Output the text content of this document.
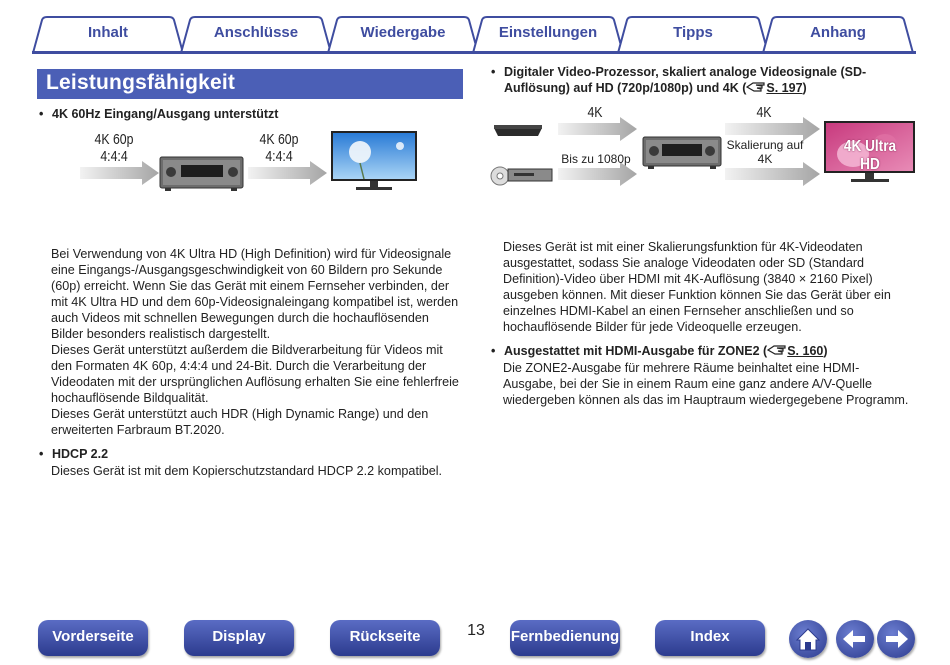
Inhalt	Anschlüsse	Wiedergabe	Einstellungen	Tipps	Anhang
Leistungsfähigkeit
• 4K 60Hz Eingang/Ausgang unterstützt
4K 60p
4:4:4
4K 60p
4:4:4

Bei Verwendung von 4K Ultra HD (High Definition) wird für Videosignale eine Eingangs-/Ausgangsgeschwindigkeit von 60 Bildern pro Sekunde (60p) erreicht. Wenn Sie das Gerät mit einem Fernseher verbinden, der mit 4K Ultra HD und dem 60p-Videosignaleingang kompatibel ist, werden auch Videos mit schnellen Bewegungen durch die hochauflösenden Bilder besonders realistisch dargestellt.

Dieses Gerät unterstützt außerdem die Bildverarbeitung für Videos mit den Formaten 4K 60p, 4:4:4 und 24-Bit. Durch die Verarbeitung der Videodaten mit der ursprünglichen Auflösung erhalten Sie eine fehlerfreie hochauflösende Bildqualität.

Dieses Gerät unterstützt auch HDR (High Dynamic Range) und den erweiterten Farbraum BT.2020.

• HDCP 2.2
Dieses Gerät ist mit dem Kopierschutzstandard HDCP 2.2 kompatibel.
• Digitaler Video-Prozessor, skaliert analoge Videosignale (SD-
Auflösung) auf HD (720p/1080p) und 4K ( S. 197)
4K
Bis zu 1080p
4K
Skalierung auf
4K
4K Ultra HD
Dieses Gerät ist mit einer Skalierungsfunktion für 4K-Videodaten ausgestattet, sodass Sie analoge Videodaten oder SD (Standard Definition)-Video über HDMI mit 4K-Auflösung (3840 × 2160 Pixel) ausgeben können. Mit dieser Funktion können Sie das Gerät über ein einzelnes HDMI-Kabel an einen Fernseher anschließen und so hochauflösende Bilder für jede Videoquelle erzeugen.
• Ausgestattet mit HDMI-Ausgabe für ZONE2 ( S. 160)
Die ZONE2-Ausgabe für mehrere Räume beinhaltet eine HDMI-Ausgabe, bei der Sie in einem Raum eine ganz andere A/V-Quelle wiedergeben können als das im Hauptraum wiedergegebene Programm.
Vorderseite	Display	Rückseite	13	Fernbedienung	Index
